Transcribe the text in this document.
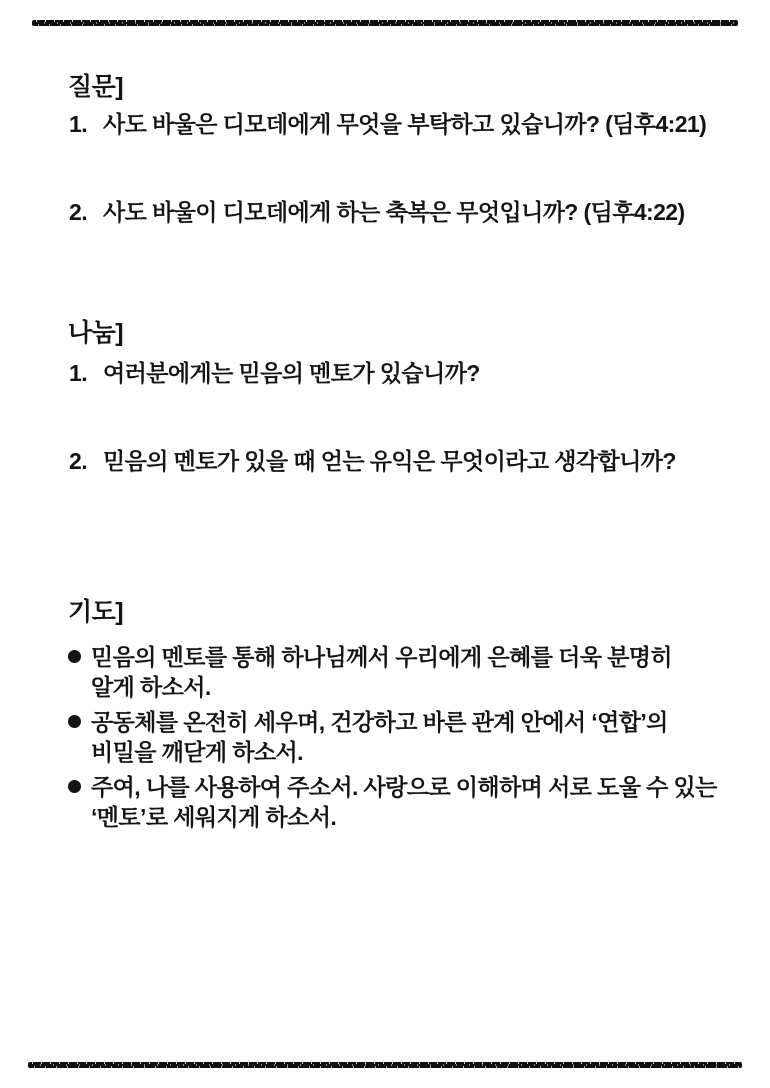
질문]
1. 사도 바울은 디모데에게 무엇을 부탁하고 있습니까? (딤후4:21)
2. 사도 바울이 디모데에게 하는 축복은 무엇입니까? (딤후4:22)
나눔]
1. 여러분에게는 믿음의 멘토가 있습니까?
2. 믿음의 멘토가 있을 때 얻는 유익은 무엇이라고 생각합니까?
기도]
믿음의 멘토를 통해 하나님께서 우리에게 은혜를 더욱 분명히 알게 하소서.
공동체를 온전히 세우며, 건강하고 바른 관계 안에서 ‘연합’의 비밀을 깨닫게 하소서.
주여, 나를 사용하여 주소서. 사랑으로 이해하며 서로 도울 수 있는 ‘멘토’로 세워지게 하소서.
